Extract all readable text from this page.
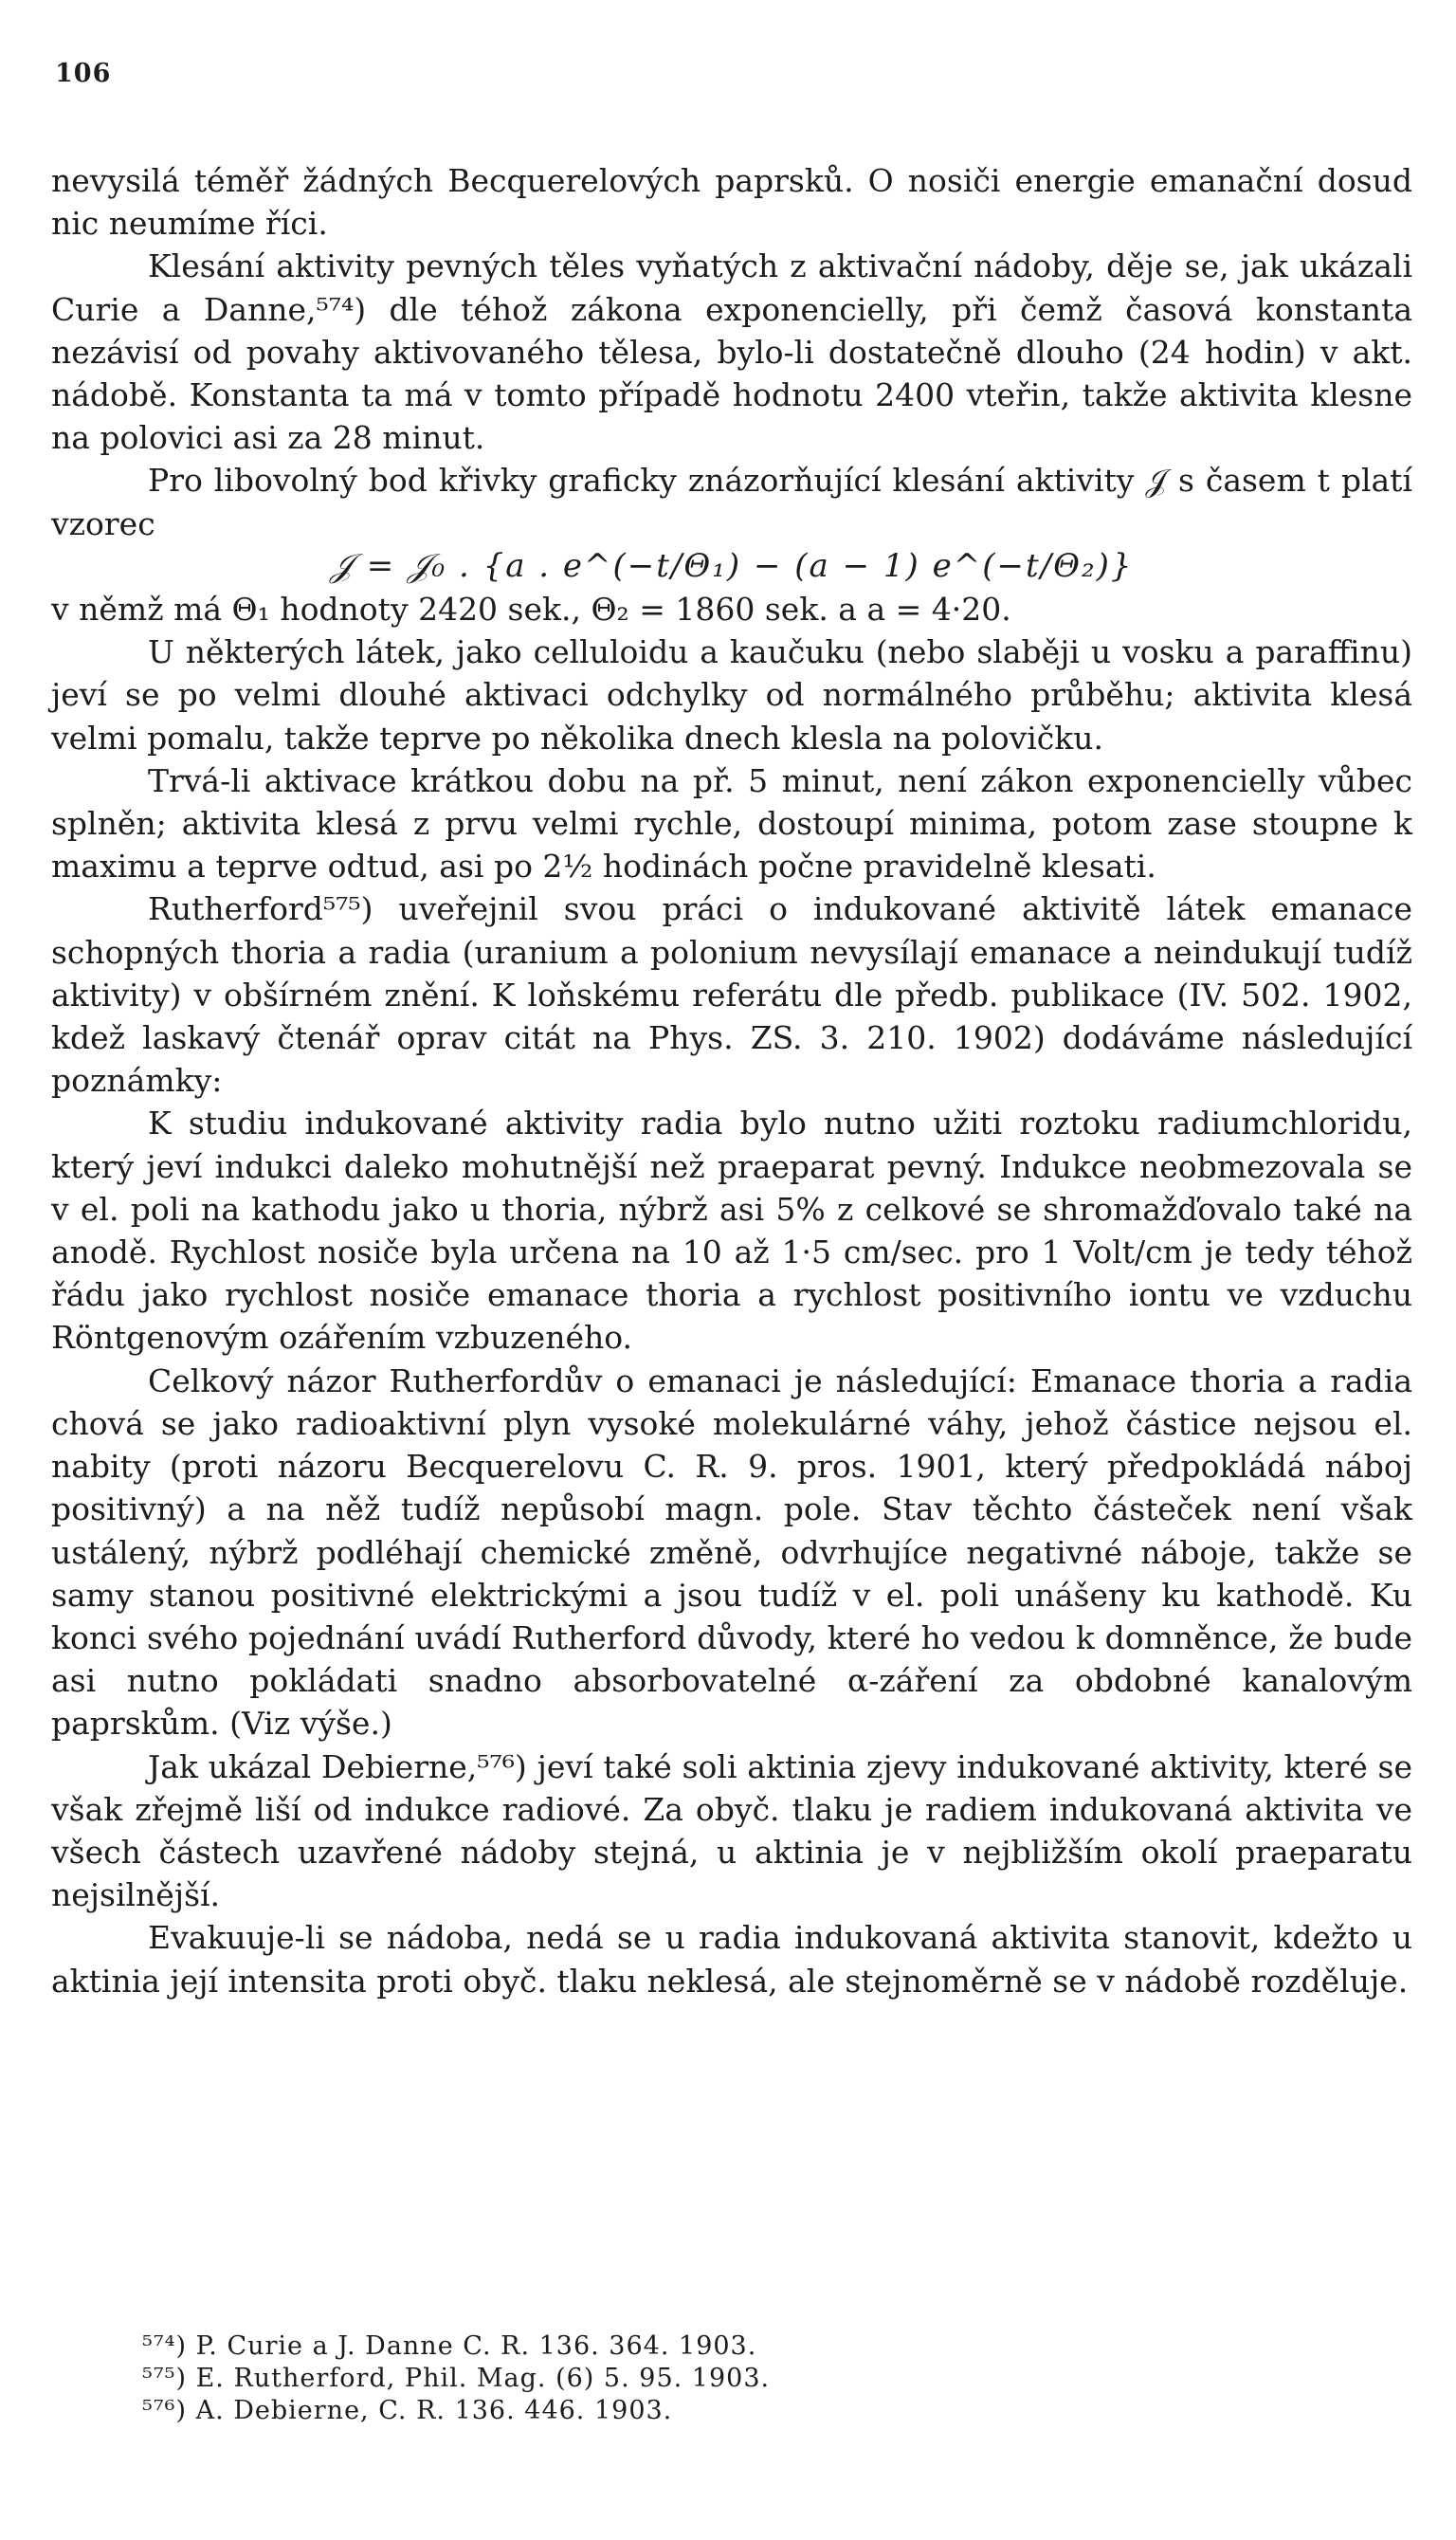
106

nevysilá téměř žádných Becquerelových paprsků. O nosiči energie emanační dosud nic neumíme říci.

Klesání aktivity pevných těles vyňatých z aktivační nádoby, děje se, jak ukázali Curie a Danne,⁵⁷⁴) dle téhož zákona exponencielly, při čemž časová konstanta nezávisí od povahy aktivovaného tělesa, bylo-li dostatečně dlouho (24 hodin) v akt. nádobě. Konstanta ta má v tomto případě hodnotu 2400 vteřin, takže aktivita klesne na polovici asi za 28 minut.

Pro libovolný bod křivky graficky znázorňující klesání aktivity 𝒥 s časem t platí vzorec

𝒥 = 𝒥₀ . {a . e^(−t/Θ₁) − (a − 1) e^(−t/Θ₂)}

v němž má Θ₁ hodnoty 2420 sek., Θ₂ = 1860 sek. a a = 4·20.

U některých látek, jako celluloidu a kaučuku (nebo slaběji u vosku a paraffinu) jeví se po velmi dlouhé aktivaci odchylky od normálného průběhu; aktivita klesá velmi pomalu, takže teprve po několika dnech klesla na polovičku.

Trvá-li aktivace krátkou dobu na př. 5 minut, není zákon exponencielly vůbec splněn; aktivita klesá z prvu velmi rychle, dostoupí minima, potom zase stoupne k maximu a teprve odtud, asi po 2½ hodinách počne pravidelně klesati.

Rutherford⁵⁷⁵) uveřejnil svou práci o indukované aktivitě látek emanace schopných thoria a radia (uranium a polonium nevysílají emanace a neindukují tudíž aktivity) v obšírném znění. K loňskému referátu dle předb. publikace (IV. 502. 1902, kdež laskavý čtenář oprav citát na Phys. ZS. 3. 210. 1902) dodáváme následující poznámky:

K studiu indukované aktivity radia bylo nutno užiti roztoku radiumchloridu, který jeví indukci daleko mohutnější než praeparat pevný. Indukce neobmezovala se v el. poli na kathodu jako u thoria, nýbrž asi 5% z celkové se shromažďovalo také na anodě. Rychlost nosiče byla určena na 10 až 1·5 cm/sec. pro 1 Volt/cm je tedy téhož řádu jako rychlost nosiče emanace thoria a rychlost positivního iontu ve vzduchu Röntgenovým ozářením vzbuzeného.

Celkový názor Rutherfordův o emanaci je následující: Emanace thoria a radia chová se jako radioaktivní plyn vysoké molekulárné váhy, jehož částice nejsou el. nabity (proti názoru Becquerelovu C. R. 9. pros. 1901, který předpokládá náboj positivný) a na něž tudíž nepůsobí magn. pole. Stav těchto částeček není však ustálený, nýbrž podléhají chemické změně, odvrhujíce negativné náboje, takže se samy stanou positivné elektrickými a jsou tudíž v el. poli unášeny ku kathodě. Ku konci svého pojednání uvádí Rutherford důvody, které ho vedou k domněnce, že bude asi nutno pokládati snadno absorbovatelné α-záření za obdobné kanalovým paprskům. (Viz výše.)

Jak ukázal Debierne,⁵⁷⁶) jeví také soli aktinia zjevy indukované aktivity, které se však zřejmě liší od indukce radiové. Za obyč. tlaku je radiem indukovaná aktivita ve všech částech uzavřené nádoby stejná, u aktinia je v nejbližším okolí praeparatu nejsilnější.

Evakuuje-li se nádoba, nedá se u radia indukovaná aktivita stanovit, kdežto u aktinia její intensita proti obyč. tlaku neklesá, ale stejnoměrně se v nádobě rozděluje.

⁵⁷⁴) P. Curie a J. Danne C. R. 136. 364. 1903.

⁵⁷⁵) E. Rutherford, Phil. Mag. (6) 5. 95. 1903.

⁵⁷⁶) A. Debierne, C. R. 136. 446. 1903.
